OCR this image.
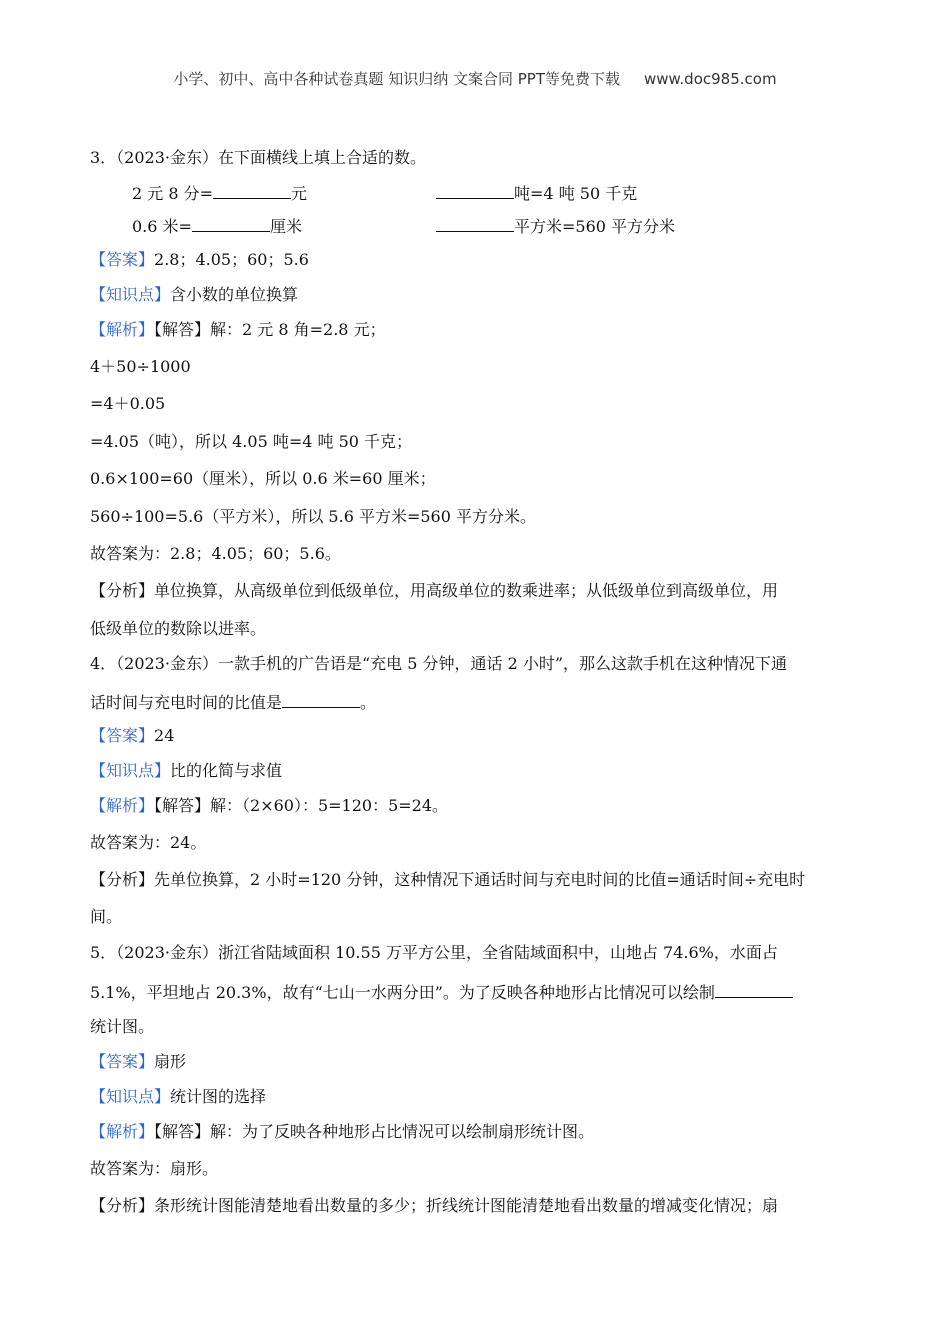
小学、初中、高中各种试卷真题 知识归纳 文案合同 PPT等免费下载 www.doc985.com
3．（2023·金东）在下面横线上填上合适的数。
2 元 8 分=	元	吨=4 吨 50 千克
0.6 米=	厘米	平方米=560 平方分米
【答案】2.8；4.05；60；5.6
【知识点】含小数的单位换算
【解析】【解答】解：2 元 8 角=2.8 元；
4＋50÷1000
=4＋0.05
=4.05（吨），所以 4.05 吨=4 吨 50 千克；
0.6×100=60（厘米），所以 0.6 米=60 厘米；
560÷100=5.6（平方米），所以 5.6 平方米=560 平方分米。
故答案为：2.8；4.05；60；5.6。
【分析】单位换算，从高级单位到低级单位，用高级单位的数乘进率；从低级单位到高级单位，用
低级单位的数除以进率。
4．（2023·金东）一款手机的广告语是“充电 5 分钟，通话 2 小时”，那么这款手机在这种情况下通
话时间与充电时间的比值是	。
【答案】24
【知识点】比的化简与求值
【解析】【解答】解：（2×60）：5=120：5=24。
故答案为：24。
【分析】先单位换算，2 小时=120 分钟，这种情况下通话时间与充电时间的比值=通话时间÷充电时
间。
5．（2023·金东）浙江省陆域面积 10.55 万平方公里，全省陆域面积中，山地占 74.6%，水面占
5.1%，平坦地占 20.3%，故有“七山一水两分田”。为了反映各种地形占比情况可以绘制
统计图。
【答案】扇形
【知识点】统计图的选择
【解析】【解答】解：为了反映各种地形占比情况可以绘制扇形统计图。
故答案为：扇形。
【分析】条形统计图能清楚地看出数量的多少；折线统计图能清楚地看出数量的增减变化情况；扇
